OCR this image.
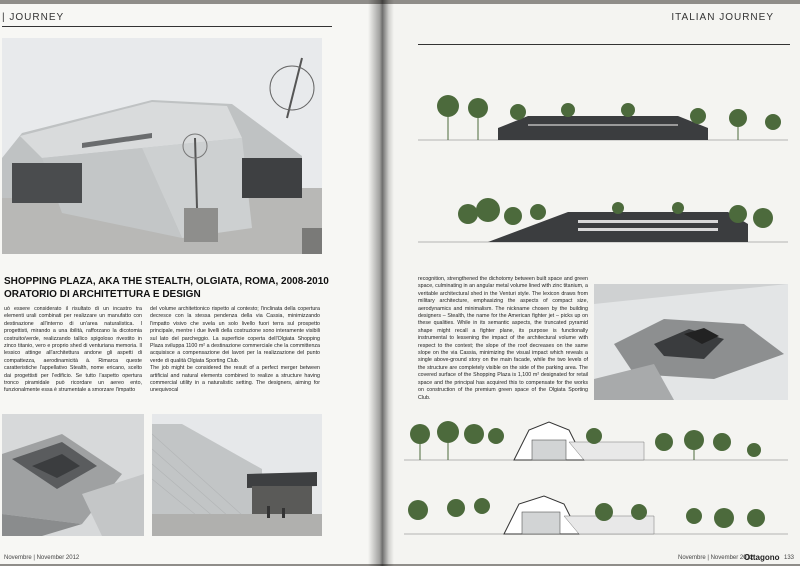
| JOURNEY
SHOPPING PLAZA, AKA THE STEALTH, OLGIATA, ROMA, 2008-2010
ORATORIO DI ARCHITETTURA E DESIGN
uò essere considerato il risultato di un incastro tra elementi urali combinati per realizzare un manufatto con destinazione all'interno di un'area naturalistica. I progettisti, mirando a una ibilità, rafforzano la dicotomia costruito/verde, realizzando tallico spigoloso rivestito in zinco titanio, vero e proprio shed di venturiana memoria. Il lessico attinge all'architettura andone gli aspetti di compattezza, aerodinamicità à. Rimarca queste caratteristiche l'appellativo Stealth, nome ericano, scelto dai progettisti per l'edificio. Se tutto l'aspetto opertura tronco piramidale può ricordare un aereo ento, funzionalmente essa è strumentale a smorzare l'impatto
del volume architettonico rispetto al contesto; l'inclinata della copertura decresce con la stessa pendenza della via Cassia, minimizzando l'impatto visivo che svela un solo livello fuori terra sul prospetto principale, mentre i due livelli della costruzione sono interamente visibili sul lato del parcheggio. La superficie coperta dell'Olgiata Shopping Plaza sviluppa 1100 m² a destinazione commerciale che la committenza acquisisce a compensazione dei lavori per la realizzazione del punto verde di qualità Olgiata Sporting Club.
The job might be considered the result of a perfect merger between artificial and natural elements combined to realize a structure having commercial utility in a naturalistic setting. The designers, aiming for unequivocal
Novembre | November 2012
ITALIAN JOURNEY
recognition, strengthened the dichotomy between built space and green space, culminating in an angular metal volume lined with zinc titanium, a veritable architectural shed in the Venturi style. The lexicon draws from military architecture, emphasizing the aspects of compact size, aerodynamics and minimalism. The nickname chosen by the building designers – Stealth, the name for the American fighter jet – picks up on these qualities. While in its semantic aspects, the truncated pyramid shape might recall a fighter plane, its purpose is functionally instrumental to lessening the impact of the architectural volume with respect to the context; the slope of the roof decreases on the same slope on the via Cassia, minimizing the visual impact which reveals a single above-ground story on the main facade, while the two levels of the structure are completely visible on the side of the parking area. The covered surface of the Shopping Plaza is 1,100 m² designated for retail space and the principal has acquired this to compensate for the works on construction of the premium green space of the Olgiata Sporting Club.
Novembre | November 2012
Ottagono 133
